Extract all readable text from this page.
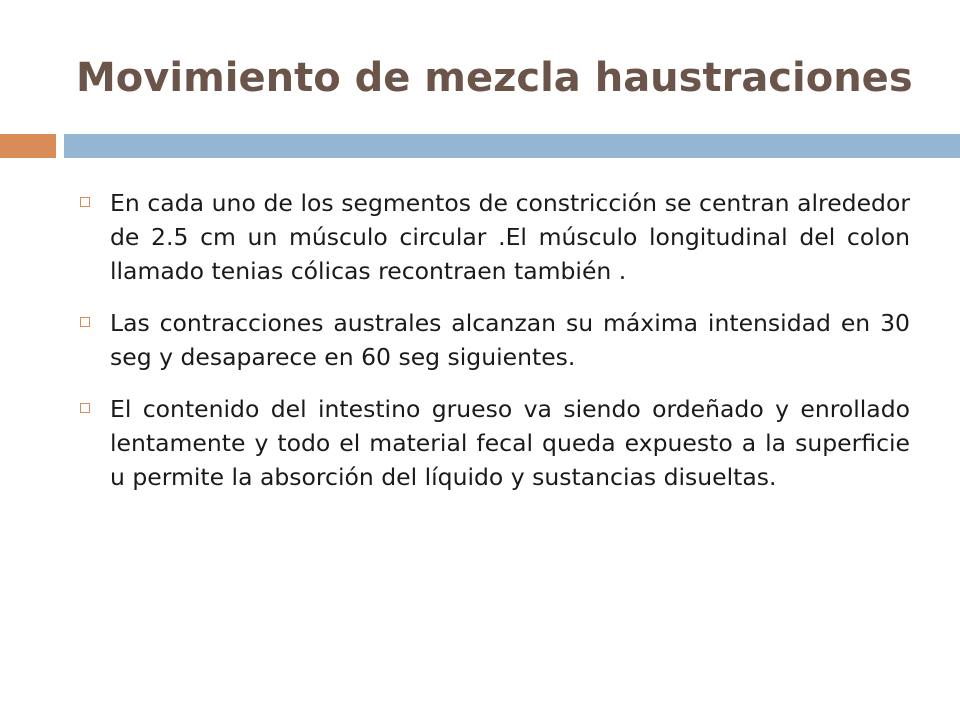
Movimiento de mezcla haustraciones
En cada uno de los segmentos de constricción se centran alrededor de 2.5 cm un músculo circular .El músculo longitudinal del colon llamado tenias cólicas recontraen también .
Las contracciones australes alcanzan su máxima intensidad en 30 seg y desaparece en 60 seg siguientes.
El contenido del intestino grueso va siendo ordeñado y enrollado lentamente y todo el material fecal queda expuesto a la superficie u permite la absorción del líquido y sustancias disueltas.
